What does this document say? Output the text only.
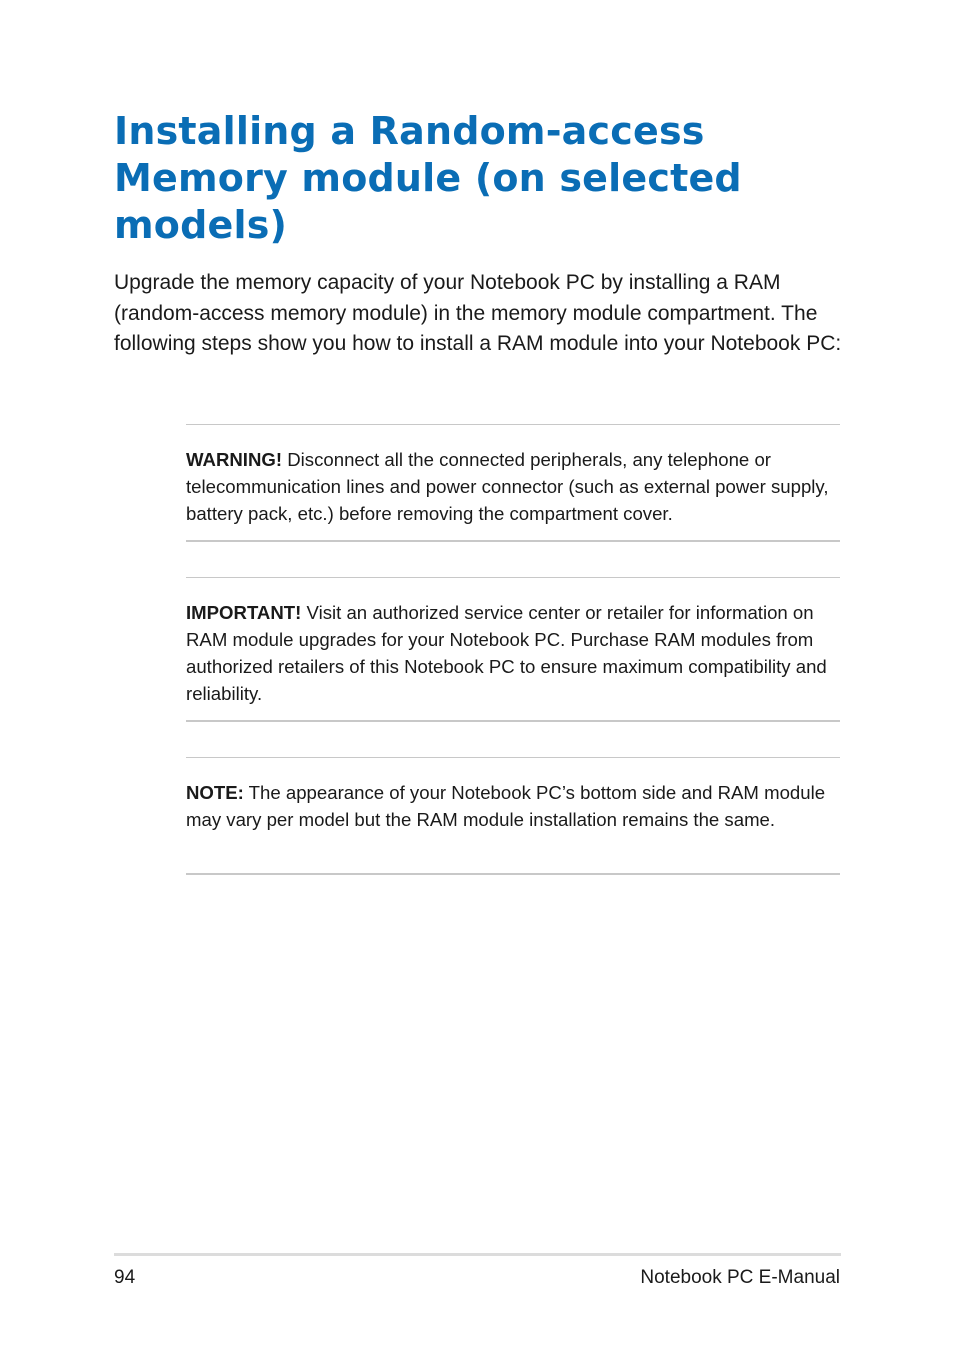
Installing a Random-access Memory module (on selected models)

Upgrade the memory capacity of your Notebook PC by installing a RAM (random-access memory module) in the memory module compartment. The following steps show you how to install a RAM module into your Notebook PC:

WARNING! Disconnect all the connected peripherals, any telephone or telecommunication lines and power connector (such as external power supply, battery pack, etc.) before removing the compartment cover.

IMPORTANT! Visit an authorized service center or retailer for information on RAM module upgrades for your Notebook PC. Purchase RAM modules from authorized retailers of this Notebook PC to ensure maximum compatibility and reliability.

NOTE: The appearance of your Notebook PC’s bottom side and RAM module may vary per model but the RAM module installation remains the same.

94	Notebook PC E-Manual
